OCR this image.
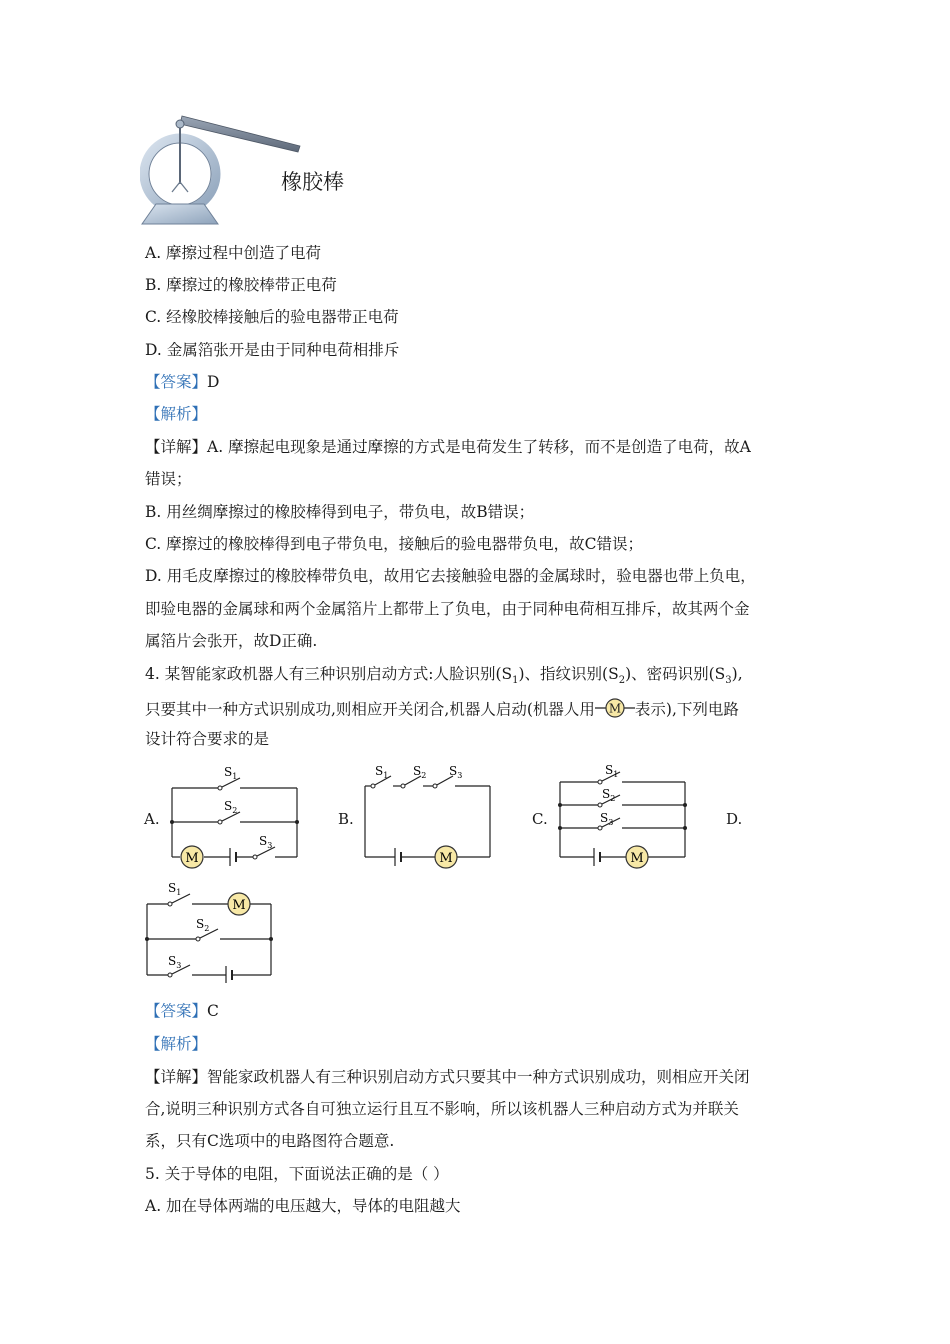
橡胶棒
A. 摩擦过程中创造了电荷
B. 摩擦过的橡胶棒带正电荷
C. 经橡胶棒接触后的验电器带正电荷
D. 金属箔张开是由于同种电荷相排斥
【答案】D
【解析】
【详解】A. 摩擦起电现象是通过摩擦的方式是电荷发生了转移，而不是创造了电荷，故A
错误；
B. 用丝绸摩擦过的橡胶棒得到电子，带负电，故B错误；
C. 摩擦过的橡胶棒得到电子带负电，接触后的验电器带负电，故C错误；
D. 用毛皮摩擦过的橡胶棒带负电，故用它去接触验电器的金属球时，验电器也带上负电，
即验电器的金属球和两个金属箔片上都带上了负电，由于同种电荷相互排斥，故其两个金
属箔片会张开，故D正确.
4. 某智能家政机器人有三种识别启动方式:人脸识别$(S_1)$、指纹识别$(S_2)$、密码识别$(S_3)$,
只要其中一种方式识别成功,则相应开关闭合,机器人启动(机器人用 M 表示),下列电路
设计符合要求的是
A.	B.	C.	D.
M
$S_1$
$S_2$
$S_3$
M
$S_1$ $S_2$ $S_3$
M
$S_1$
$S_2$
$S_3$
M
$S_1$
$S_2$
$S_3$
【答案】C
【解析】
【详解】智能家政机器人有三种识别启动方式只要其中一种方式识别成功，则相应开关闭
合,说明三种识别方式各自可独立运行且互不影响，所以该机器人三种启动方式为并联关
系，只有C选项中的电路图符合题意.
5. 关于导体的电阻，下面说法正确的是（ ）
A. 加在导体两端的电压越大，导体的电阻越大
